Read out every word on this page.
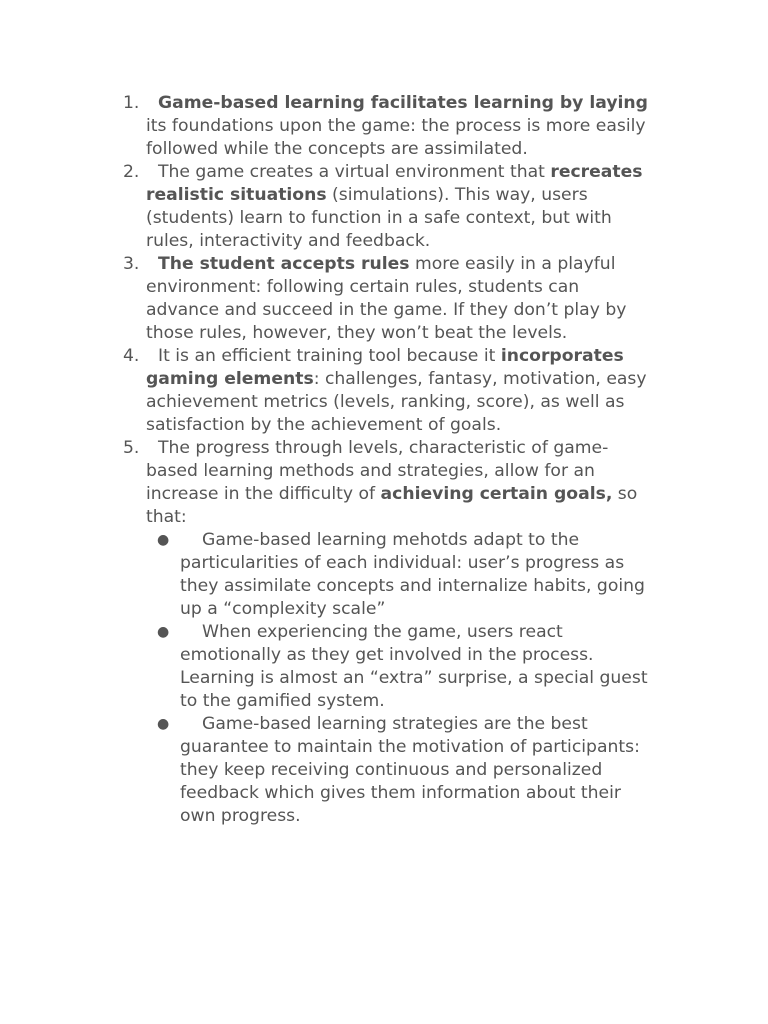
1. Game-based learning facilitates learning by laying its foundations upon the game: the process is more easily followed while the concepts are assimilated.
2. The game creates a virtual environment that recreates realistic situations (simulations). This way, users (students) learn to function in a safe context, but with rules, interactivity and feedback.
3. The student accepts rules more easily in a playful environment: following certain rules, students can advance and succeed in the game. If they don’t play by those rules, however, they won’t beat the levels.
4. It is an efficient training tool because it incorporates gaming elements: challenges, fantasy, motivation, easy achievement metrics (levels, ranking, score), as well as satisfaction by the achievement of goals.
5. The progress through levels, characteristic of game-based learning methods and strategies, allow for an increase in the difficulty of achieving certain goals, so that:
● Game-based learning mehotds adapt to the particularities of each individual: user’s progress as they assimilate concepts and internalize habits, going up a “complexity scale”
● When experiencing the game, users react emotionally as they get involved in the process. Learning is almost an “extra” surprise, a special guest to the gamified system.
● Game-based learning strategies are the best guarantee to maintain the motivation of participants: they keep receiving continuous and personalized feedback which gives them information about their own progress.
